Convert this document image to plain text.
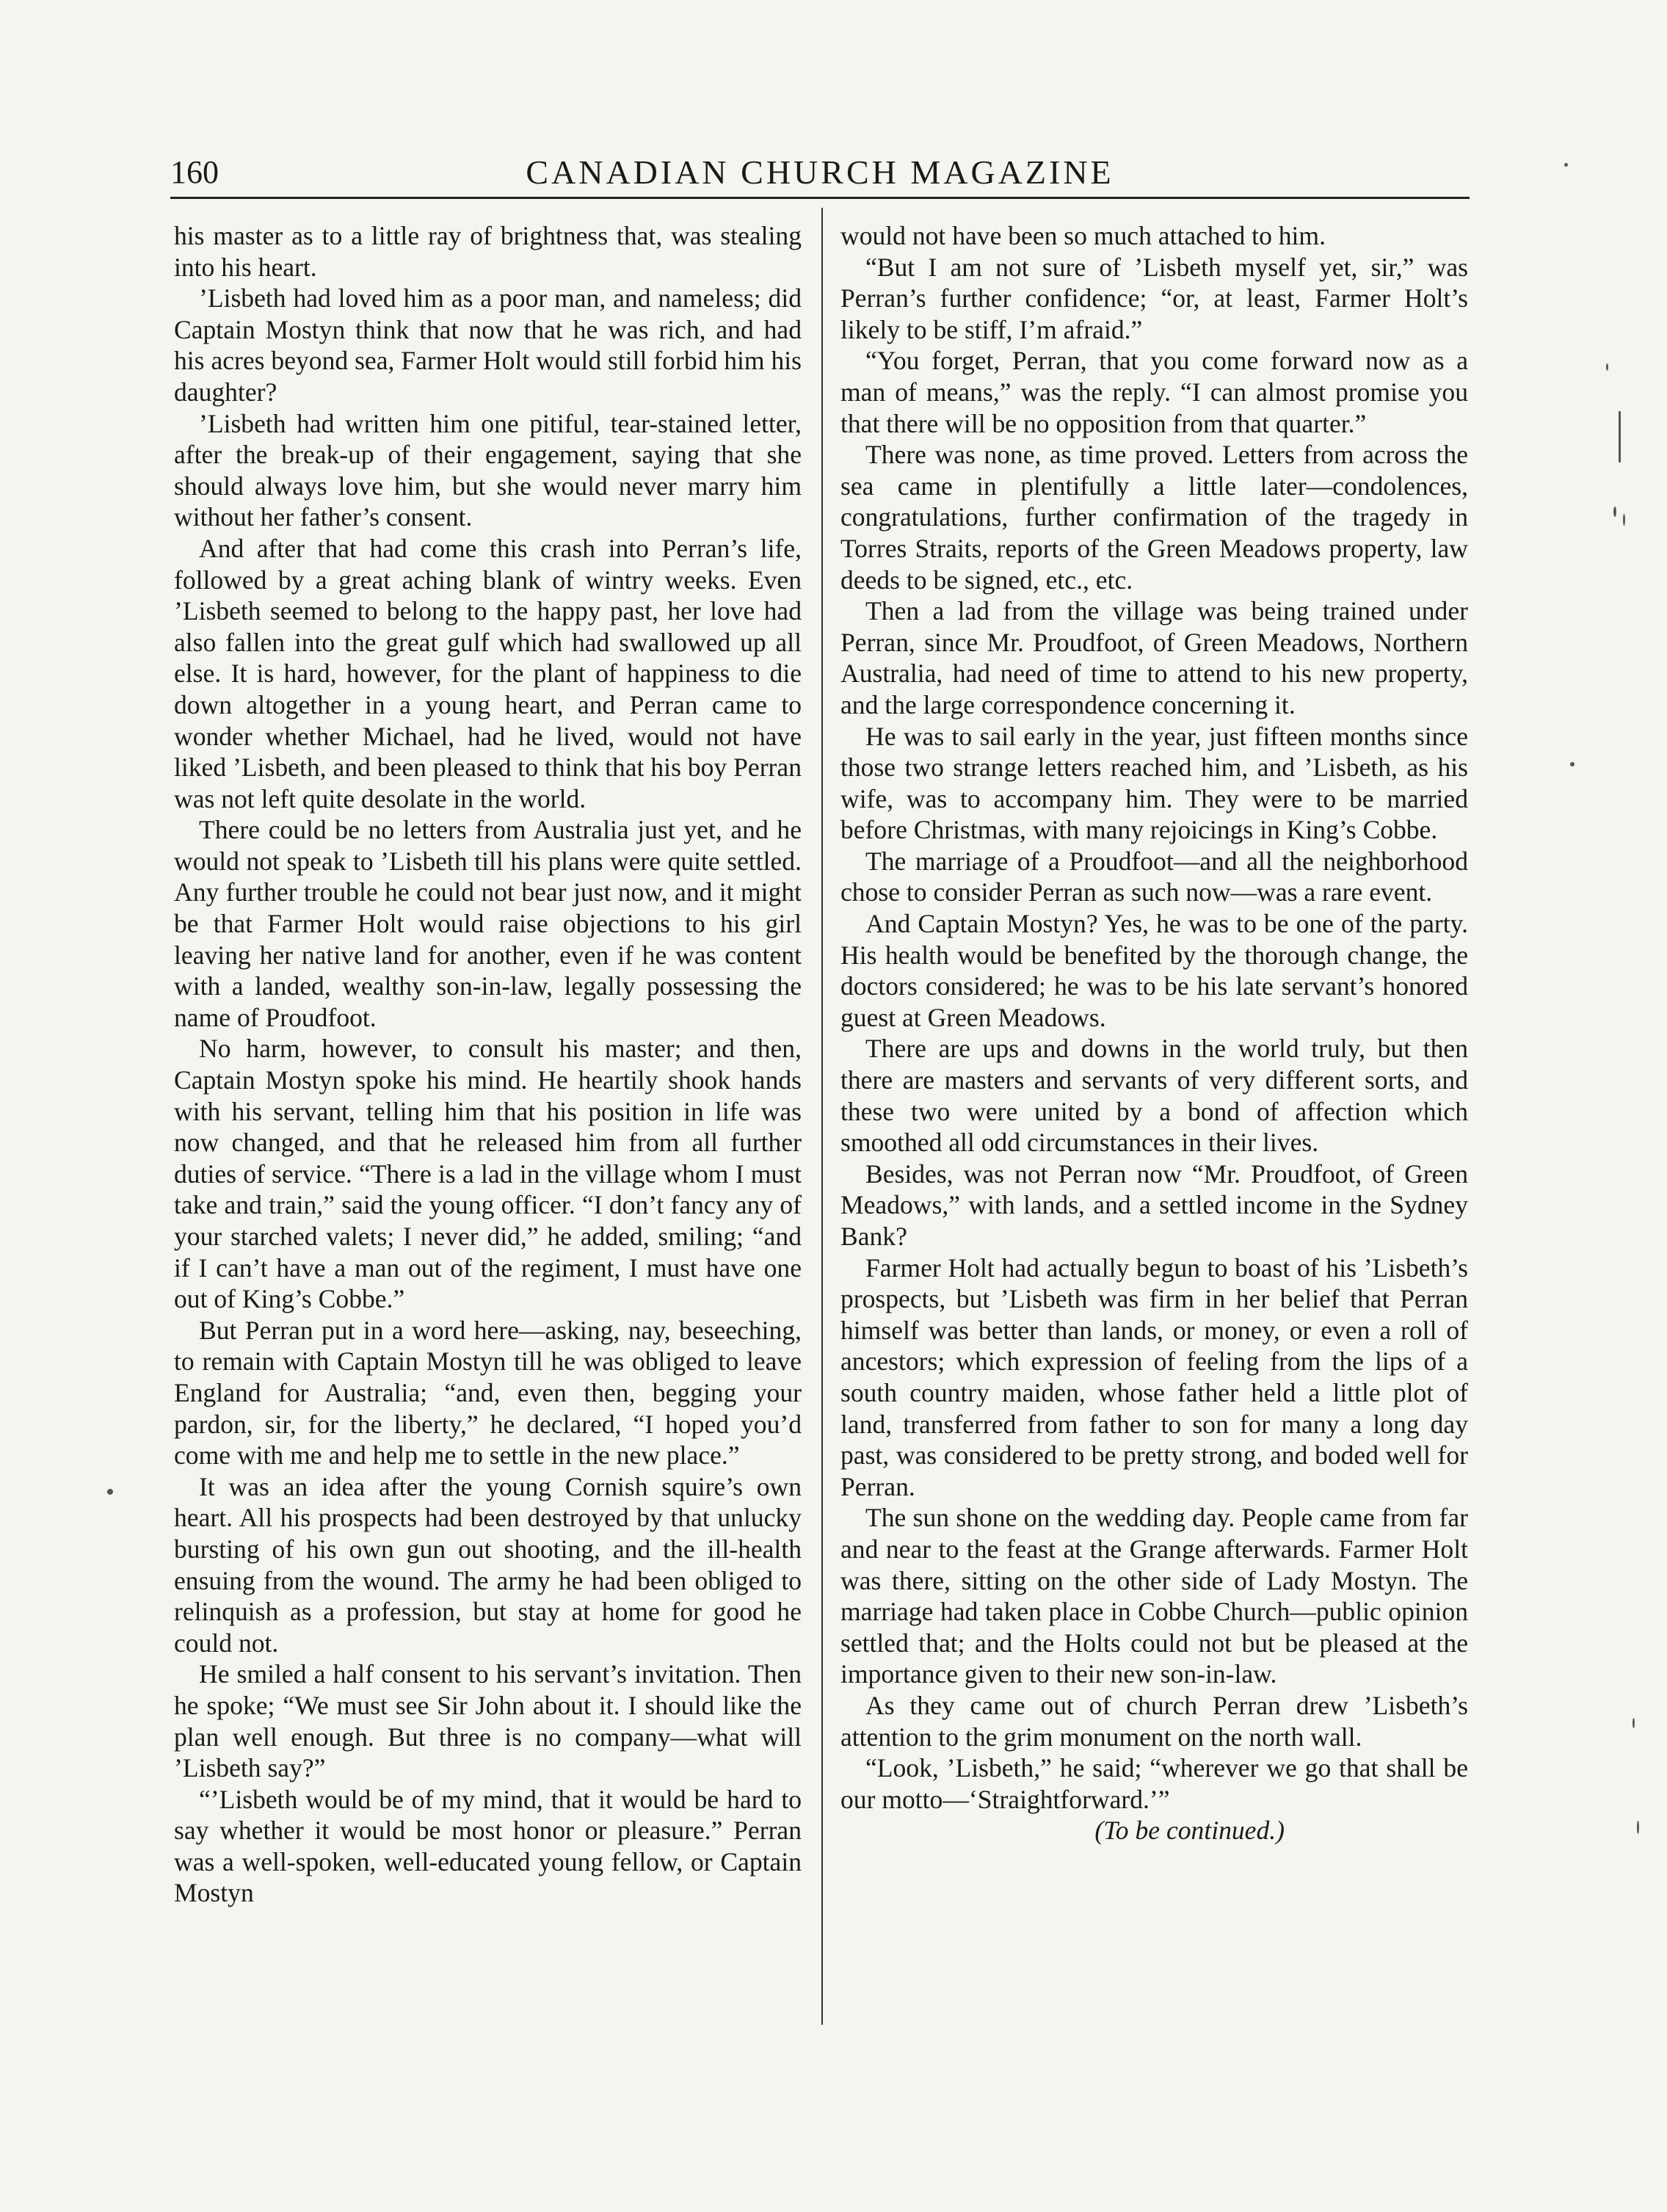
160	CANADIAN CHURCH MAGAZINE

his master as to a little ray of brightness that, was stealing into his heart.

’Lisbeth had loved him as a poor man, and nameless; did Captain Mostyn think that now that he was rich, and had his acres beyond sea, Farmer Holt would still forbid him his daughter?

’Lisbeth had written him one pitiful, tear-stained letter, after the break-up of their engagement, saying that she should always love him, but she would never marry him without her father’s consent.

And after that had come this crash into Perran’s life, followed by a great aching blank of wintry weeks. Even ’Lisbeth seemed to belong to the happy past, her love had also fallen into the great gulf which had swallowed up all else. It is hard, however, for the plant of happiness to die down altogether in a young heart, and Perran came to wonder whether Michael, had he lived, would not have liked ’Lisbeth, and been pleased to think that his boy Perran was not left quite desolate in the world.

There could be no letters from Australia just yet, and he would not speak to ’Lisbeth till his plans were quite settled. Any further trouble he could not bear just now, and it might be that Farmer Holt would raise objections to his girl leaving her native land for another, even if he was content with a landed, wealthy son-in-law, legally possessing the name of Proudfoot.

No harm, however, to consult his master; and then, Captain Mostyn spoke his mind. He heartily shook hands with his servant, telling him that his position in life was now changed, and that he released him from all further duties of service. “There is a lad in the village whom I must take and train,” said the young officer. “I don’t fancy any of your starched valets; I never did,” he added, smiling; “and if I can’t have a man out of the regiment, I must have one out of King’s Cobbe.”

But Perran put in a word here—asking, nay, beseeching, to remain with Captain Mostyn till he was obliged to leave England for Australia; “and, even then, begging your pardon, sir, for the liberty,” he declared, “I hoped you’d come with me and help me to settle in the new place.”

It was an idea after the young Cornish squire’s own heart. All his prospects had been destroyed by that unlucky bursting of his own gun out shooting, and the ill-health ensuing from the wound. The army he had been obliged to relinquish as a profession, but stay at home for good he could not.

He smiled a half consent to his servant’s invitation. Then he spoke; “We must see Sir John about it. I should like the plan well enough. But three is no company—what will ’Lisbeth say?”

“’Lisbeth would be of my mind, that it would be hard to say whether it would be most honor or pleasure.” Perran was a well-spoken, well-educated young fellow, or Captain Mostyn

would not have been so much attached to him.

“But I am not sure of ’Lisbeth myself yet, sir,” was Perran’s further confidence; “or, at least, Farmer Holt’s likely to be stiff, I’m afraid.”

“You forget, Perran, that you come forward now as a man of means,” was the reply. “I can almost promise you that there will be no opposition from that quarter.”

There was none, as time proved. Letters from across the sea came in plentifully a little later—condolences, congratulations, further confirmation of the tragedy in Torres Straits, reports of the Green Meadows property, law deeds to be signed, etc., etc.

Then a lad from the village was being trained under Perran, since Mr. Proudfoot, of Green Meadows, Northern Australia, had need of time to attend to his new property, and the large correspondence concerning it.

He was to sail early in the year, just fifteen months since those two strange letters reached him, and ’Lisbeth, as his wife, was to accompany him. They were to be married before Christmas, with many rejoicings in King’s Cobbe.

The marriage of a Proudfoot—and all the neighborhood chose to consider Perran as such now—was a rare event.

And Captain Mostyn? Yes, he was to be one of the party. His health would be benefited by the thorough change, the doctors considered; he was to be his late servant’s honored guest at Green Meadows.

There are ups and downs in the world truly, but then there are masters and servants of very different sorts, and these two were united by a bond of affection which smoothed all odd circumstances in their lives.

Besides, was not Perran now “Mr. Proudfoot, of Green Meadows,” with lands, and a settled income in the Sydney Bank?

Farmer Holt had actually begun to boast of his ’Lisbeth’s prospects, but ’Lisbeth was firm in her belief that Perran himself was better than lands, or money, or even a roll of ancestors; which expression of feeling from the lips of a south country maiden, whose father held a little plot of land, transferred from father to son for many a long day past, was considered to be pretty strong, and boded well for Perran.

The sun shone on the wedding day. People came from far and near to the feast at the Grange afterwards. Farmer Holt was there, sitting on the other side of Lady Mostyn. The marriage had taken place in Cobbe Church—public opinion settled that; and the Holts could not but be pleased at the importance given to their new son-in-law.

As they came out of church Perran drew ’Lisbeth’s attention to the grim monument on the north wall.

“Look, ’Lisbeth,” he said; “wherever we go that shall be our motto—‘Straightforward.’”

(To be continued.)
